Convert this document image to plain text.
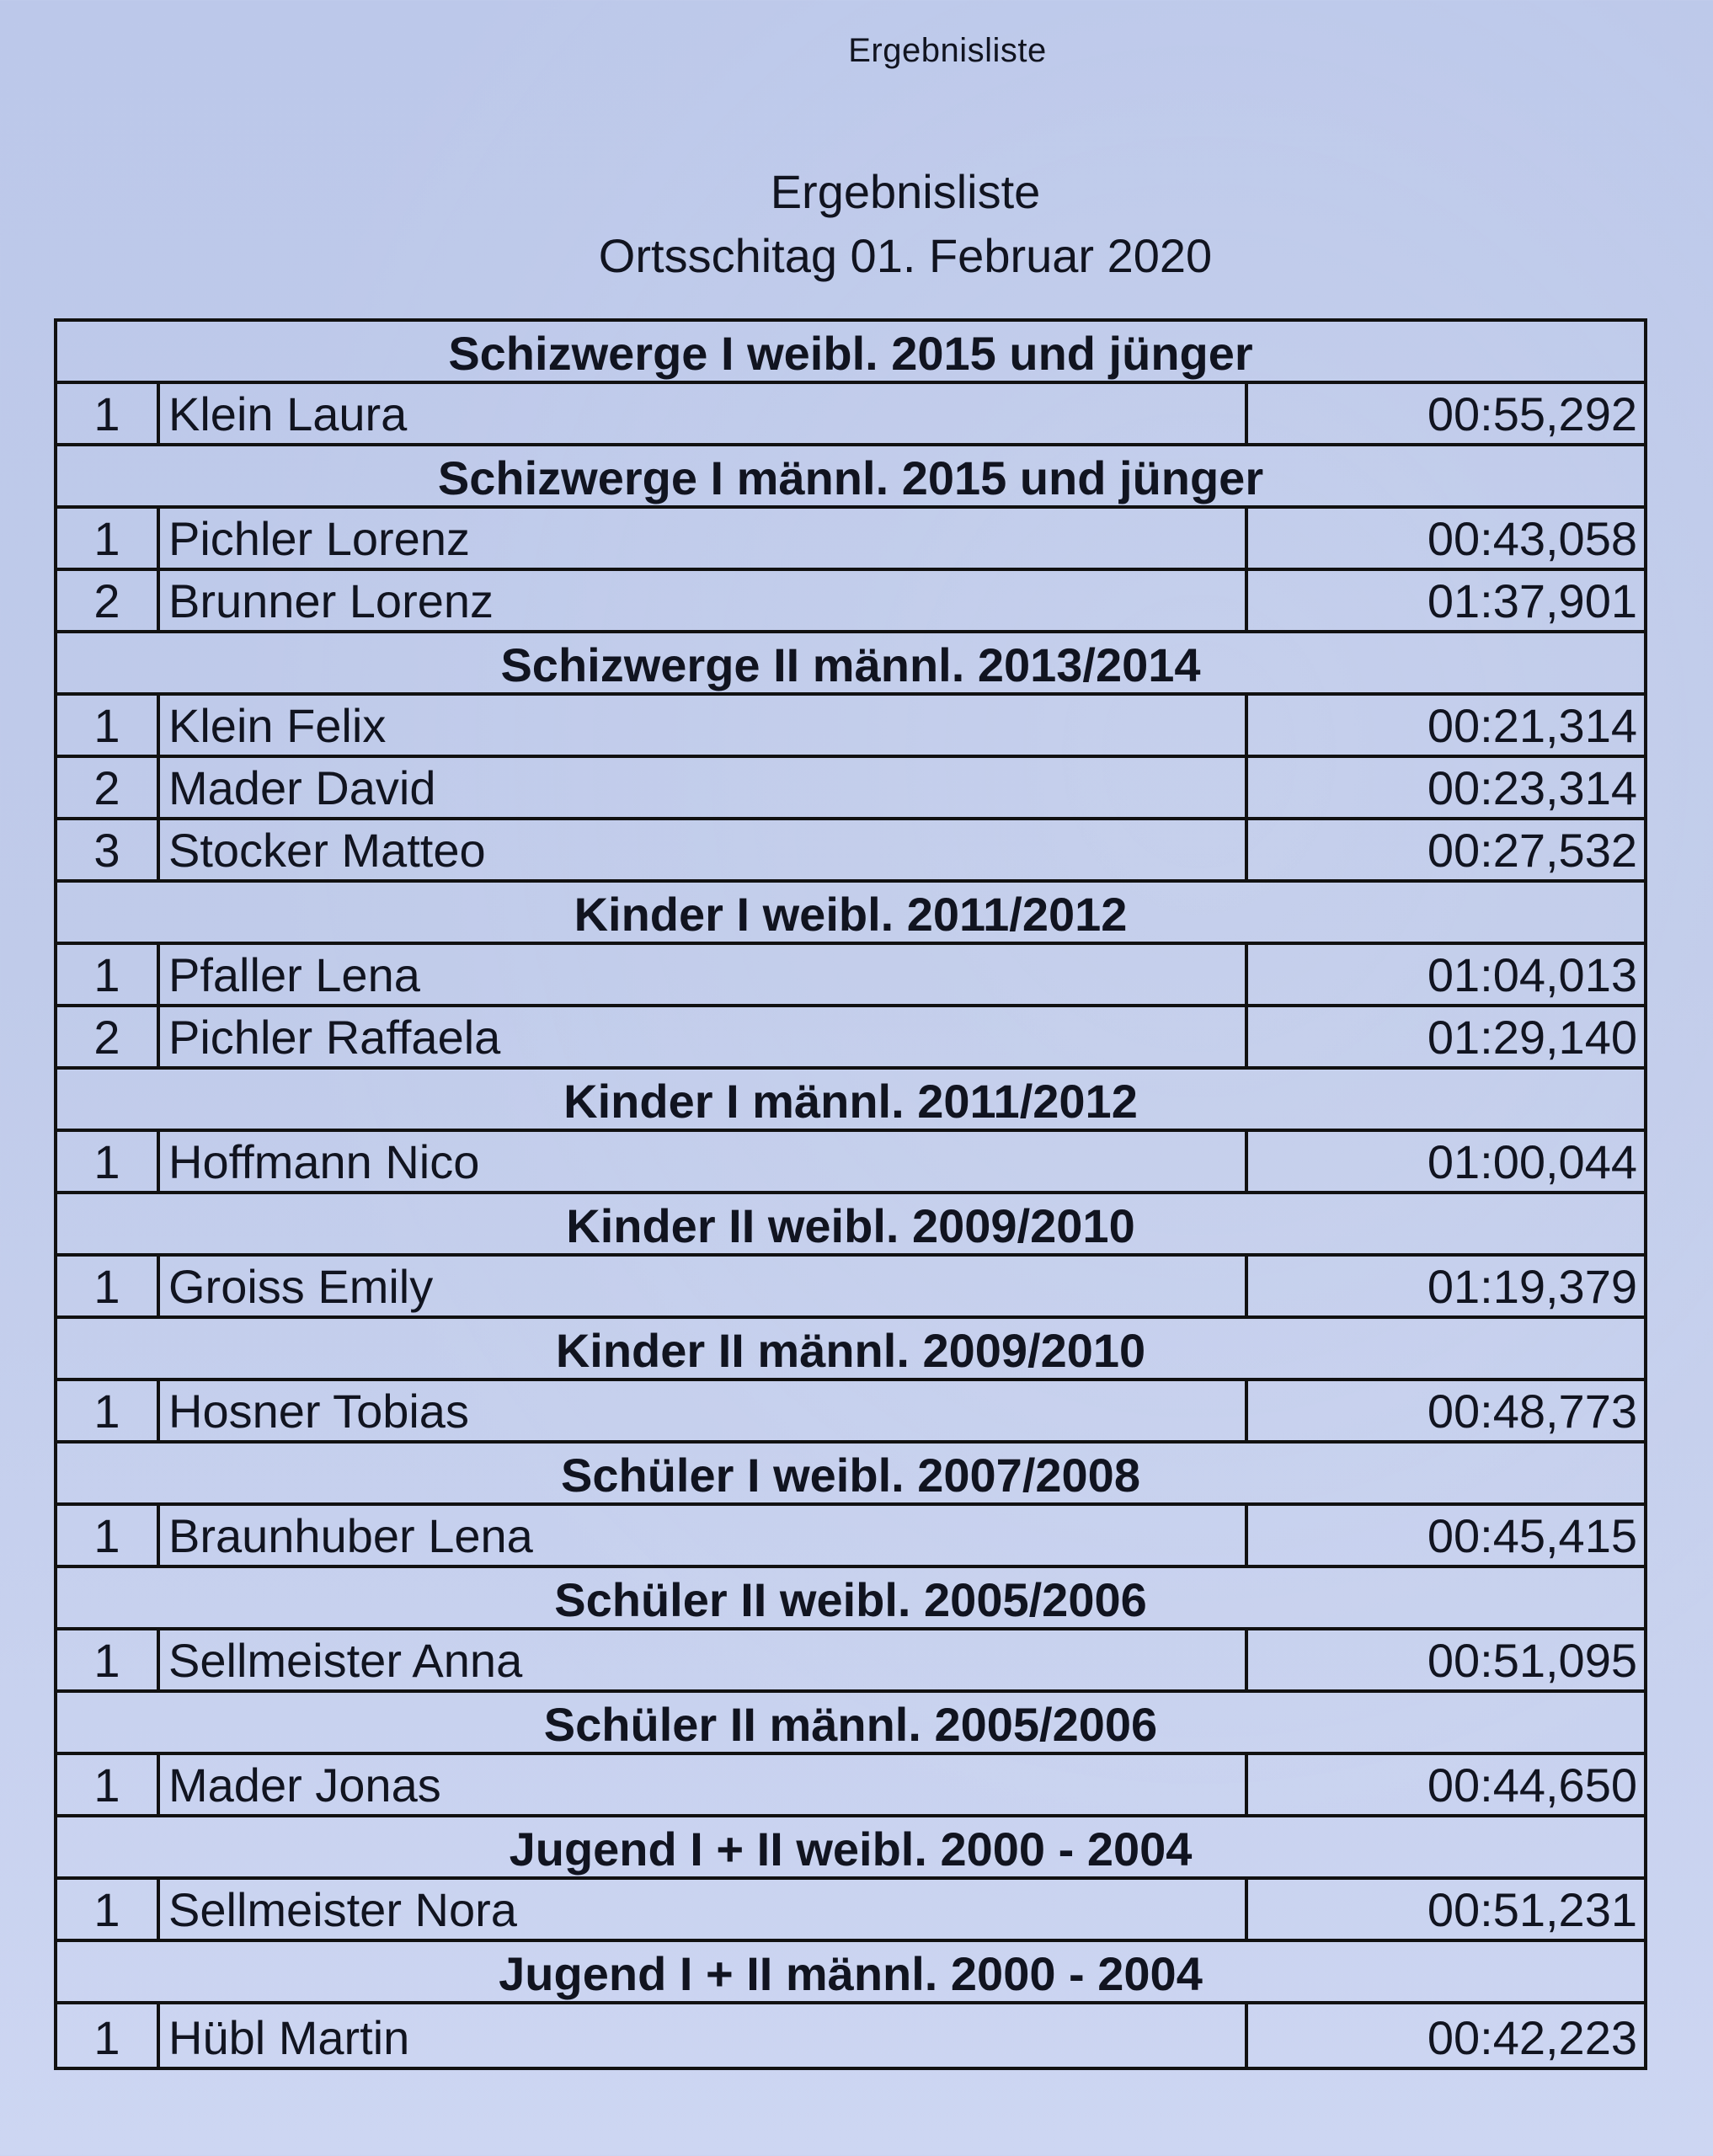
Ergebnisliste
Ergebnisliste
Ortsschitag 01. Februar 2020
Schizwerge I weibl. 2015 und jünger
1	Klein Laura	00:55,292
Schizwerge I männl. 2015 und jünger
1	Pichler Lorenz	00:43,058
2	Brunner Lorenz	01:37,901
Schizwerge II männl. 2013/2014
1	Klein Felix	00:21,314
2	Mader David	00:23,314
3	Stocker Matteo	00:27,532
Kinder I weibl. 2011/2012
1	Pfaller Lena	01:04,013
2	Pichler Raffaela	01:29,140
Kinder I männl. 2011/2012
1	Hoffmann Nico	01:00,044
Kinder II weibl. 2009/2010
1	Groiss Emily	01:19,379
Kinder II männl. 2009/2010
1	Hosner Tobias	00:48,773
Schüler I weibl. 2007/2008
1	Braunhuber Lena	00:45,415
Schüler II weibl. 2005/2006
1	Sellmeister Anna	00:51,095
Schüler II männl. 2005/2006
1	Mader Jonas	00:44,650
Jugend I + II weibl. 2000 - 2004
1	Sellmeister Nora	00:51,231
Jugend I + II männl. 2000 - 2004
1	Hübl Martin	00:42,223
